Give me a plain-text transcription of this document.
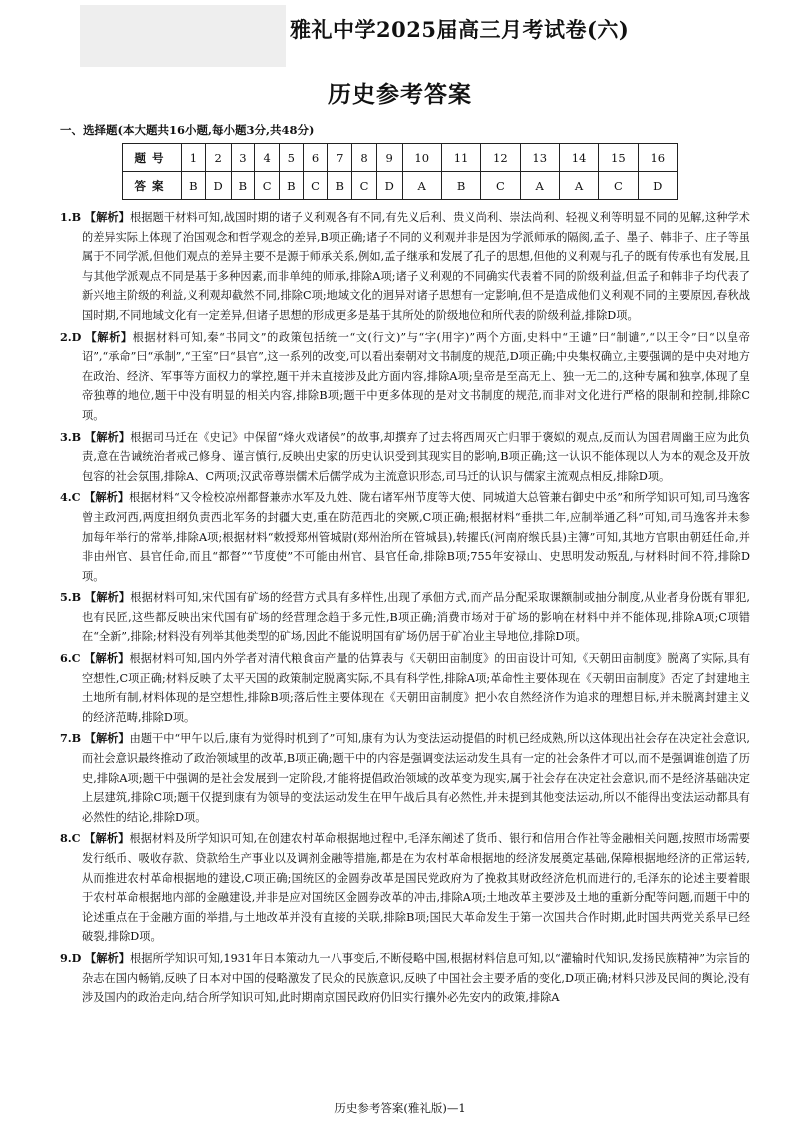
雅礼中学2025届高三月考试卷(六)
历史参考答案
一、选择题(本大题共16小题,每小题3分,共48分)
题号	1	2	3	4	5	6	7	8	9	10	11	12	13	14	15	16
答案	B	D	B	C	B	C	B	C	D	A	B	C	A	A	C	D
1.B 【解析】根据题干材料可知,战国时期的诸子义利观各有不同,有先义后利、贵义尚利、崇法尚利、轻视义利等明显不同的见解,这种学术的差异实际上体现了治国观念和哲学观念的差异,B项正确;诸子不同的义利观并非是因为学派师承的隔阂,孟子、墨子、韩非子、庄子等虽属于不同学派,但他们观点的差异主要不是源于师承关系,例如,孟子继承和发展了孔子的思想,但他的义利观与孔子的既有传承也有发展,且与其他学派观点不同是基于多种因素,而非单纯的师承,排除A项;诸子义利观的不同确实代表着不同的阶级利益,但孟子和韩非子均代表了新兴地主阶级的利益,义利观却截然不同,排除C项;地域文化的迥异对诸子思想有一定影响,但不是造成他们义利观不同的主要原因,春秋战国时期,不同地域文化有一定差异,但诸子思想的形成更多是基于其所处的阶级地位和所代表的阶级利益,排除D项。
2.D 【解析】根据材料可知,秦“书同文”的政策包括统一“文(行文)”与“字(用字)”两个方面,史料中“王谴”曰“制谴”,“以王令”曰“以皇帝诏”,“承命”曰“承制”,“王室”曰“县官”,这一系列的改变,可以看出秦朝对文书制度的规范,D项正确;中央集权确立,主要强调的是中央对地方在政治、经济、军事等方面权力的掌控,题干并未直接涉及此方面内容,排除A项;皇帝是至高无上、独一无二的,这种专属和独享,体现了皇帝独尊的地位,题干中没有明显的相关内容,排除B项;题干中更多体现的是对文书制度的规范,而非对文化进行严格的限制和控制,排除C项。
3.B 【解析】根据司马迁在《史记》中保留“烽火戏诸侯”的故事,却撰弃了过去将西周灭亡归罪于褒姒的观点,反而认为国君周幽王应为此负责,意在告诫统治者戒己修身、谨言慎行,反映出史家的历史认识受到其现实目的影响,B项正确;这一认识不能体现以人为本的观念及开放包容的社会氛围,排除A、C两项;汉武帝尊崇儒术后儒学成为主流意识形态,司马迁的认识与儒家主流观点相反,排除D项。
4.C 【解析】根据材料“又令检校凉州都督兼赤水军及九姓、陇右诸军州节度等大使、同城道大总管兼右御史中丞”和所学知识可知,司马逸客曾主政河西,两度担纲负责西北军务的封疆大吏,重在防范西北的突厥,C项正确;根据材料“垂拱二年,应制举通乙科”可知,司马逸客并未参加每年举行的常举,排除A项;根据材料“敕授郑州管城尉(郑州治所在管城县),转擢氏(河南府缑氏县)主簿”可知,其地方官职由朝廷任命,并非由州官、县官任命,而且“都督”“节度使”不可能由州官、县官任命,排除B项;755年安禄山、史思明发动叛乱,与材料时间不符,排除D项。
5.B 【解析】根据材料可知,宋代国有矿场的经营方式具有多样性,出现了承佃方式,而产品分配采取课额制或抽分制度,从业者身份既有罪犯,也有民匠,这些都反映出宋代国有矿场的经营理念趋于多元性,B项正确;消费市场对于矿场的影响在材料中并不能体现,排除A项;C项错在“全新”,排除;材料没有列举其他类型的矿场,因此不能说明国有矿场仍居于矿冶业主导地位,排除D项。
6.C 【解析】根据材料可知,国内外学者对清代粮食亩产量的估算表与《天朝田亩制度》的田亩设计可知,《天朝田亩制度》脱离了实际,具有空想性,C项正确;材料反映了太平天国的政策制定脱离实际,不具有科学性,排除A项;革命性主要体现在《天朝田亩制度》否定了封建地主土地所有制,材料体现的是空想性,排除B项;落后性主要体现在《天朝田亩制度》把小农自然经济作为追求的理想目标,并未脱离封建主义的经济范畴,排除D项。
7.B 【解析】由题干中“甲午以后,康有为觉得时机到了”可知,康有为认为变法运动提倡的时机已经成熟,所以这体现出社会存在决定社会意识,而社会意识最终推动了政治领域里的改革,B项正确;题干中的内容是强调变法运动发生具有一定的社会条件才可以,而不是强调谁创造了历史,排除A项;题干中强调的是社会发展到一定阶段,才能将提倡政治领域的改革变为现实,属于社会存在决定社会意识,而不是经济基础决定上层建筑,排除C项;题干仅提到康有为领导的变法运动发生在甲午战后具有必然性,并未提到其他变法运动,所以不能得出变法运动都具有必然性的结论,排除D项。
8.C 【解析】根据材料及所学知识可知,在创建农村革命根据地过程中,毛泽东阐述了货币、银行和信用合作社等金融相关问题,按照市场需要发行纸币、吸收存款、贷款给生产事业以及调剂金融等措施,都是在为农村革命根据地的经济发展奠定基础,保障根据地经济的正常运转,从而推进农村革命根据地的建设,C项正确;国统区的金圆券改革是国民党政府为了挽救其财政经济危机而进行的,毛泽东的论述主要着眼于农村革命根据地内部的金融建设,并非是应对国统区金圆券改革的冲击,排除A项;土地改革主要涉及土地的重新分配等问题,而题干中的论述重点在于金融方面的举措,与土地改革并没有直接的关联,排除B项;国民大革命发生于第一次国共合作时期,此时国共两党关系早已经破裂,排除D项。
9.D 【解析】根据所学知识可知,1931年日本策动九一八事变后,不断侵略中国,根据材料信息可知,以“灌输时代知识,发扬民族精神”为宗旨的杂志在国内畅销,反映了日本对中国的侵略激发了民众的民族意识,反映了中国社会主要矛盾的变化,D项正确;材料只涉及民间的舆论,没有涉及国内的政治走向,结合所学知识可知,此时期南京国民政府仍旧实行攘外必先安内的政策,排除A
历史参考答案(雅礼版)—1
